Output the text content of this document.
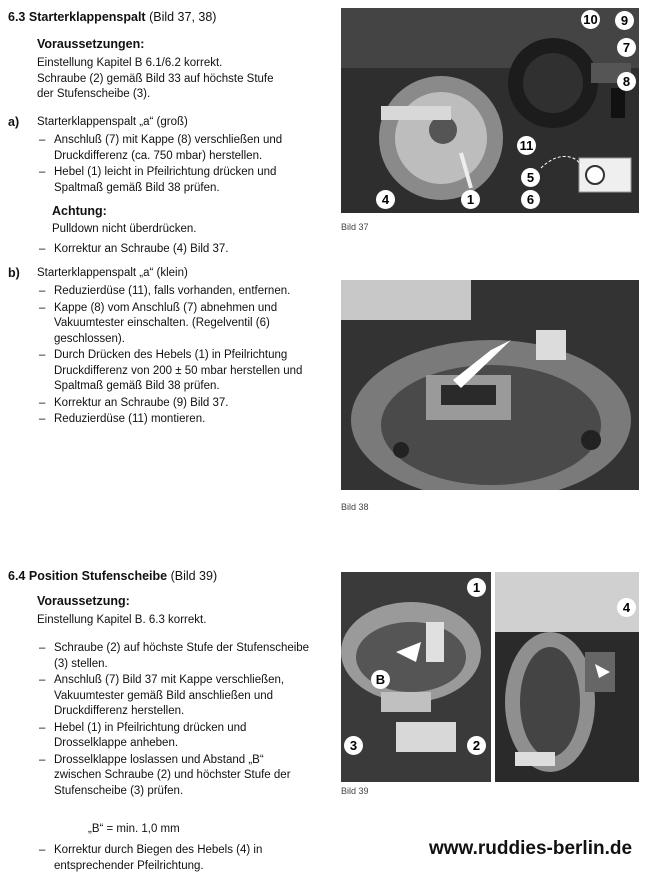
6.3 Starterklappenspalt (Bild 37, 38)
Voraussetzungen:
Einstellung Kapitel B 6.1/6.2 korrekt.
Schraube (2) gemäß Bild 33 auf höchste Stufe
der Stufenscheibe (3).
a) Starterklappenspalt „a“ (groß)
– Anschluß (7) mit Kappe (8) verschließen und Druckdifferenz (ca. 750 mbar) herstellen.
– Hebel (1) leicht in Pfeilrichtung drücken und Spaltmaß gemäß Bild 38 prüfen.
Achtung:
Pulldown nicht überdrücken.
– Korrektur an Schraube (4) Bild 37.
b) Starterklappenspalt „a“ (klein)
– Reduzierdüse (11), falls vorhanden, entfernen.
– Kappe (8) vom Anschluß (7) abnehmen und Vakuumtester einschalten. (Regelventil (6) geschlossen).
– Durch Drücken des Hebels (1) in Pfeilrichtung Druckdifferenz von 200 ± 50 mbar herstellen und Spaltmaß gemäß Bild 38 prüfen.
– Korrektur an Schraube (9) Bild 37.
– Reduzierdüse (11) montieren.
10	9
7
8
11
5
6
4	1
Bild 37
Bild 38
6.4 Position Stufenscheibe (Bild 39)
Voraussetzung:
Einstellung Kapitel B. 6.3 korrekt.
– Schraube (2) auf höchste Stufe der Stufenscheibe (3) stellen.
– Anschluß (7) Bild 37 mit Kappe verschließen, Vakuumtester gemäß Bild anschließen und Druckdifferenz herstellen.
– Hebel (1) in Pfeilrichtung drücken und Drosselklappe anheben.
– Drosselklappe loslassen und Abstand „B“ zwischen Schraube (2) und höchster Stufe der Stufenscheibe (3) prüfen.
„B“ = min. 1,0 mm
– Korrektur durch Biegen des Hebels (4) in entsprechender Pfeilrichtung.
1
B
3	2
4
Bild 39
www.ruddies-berlin.de
